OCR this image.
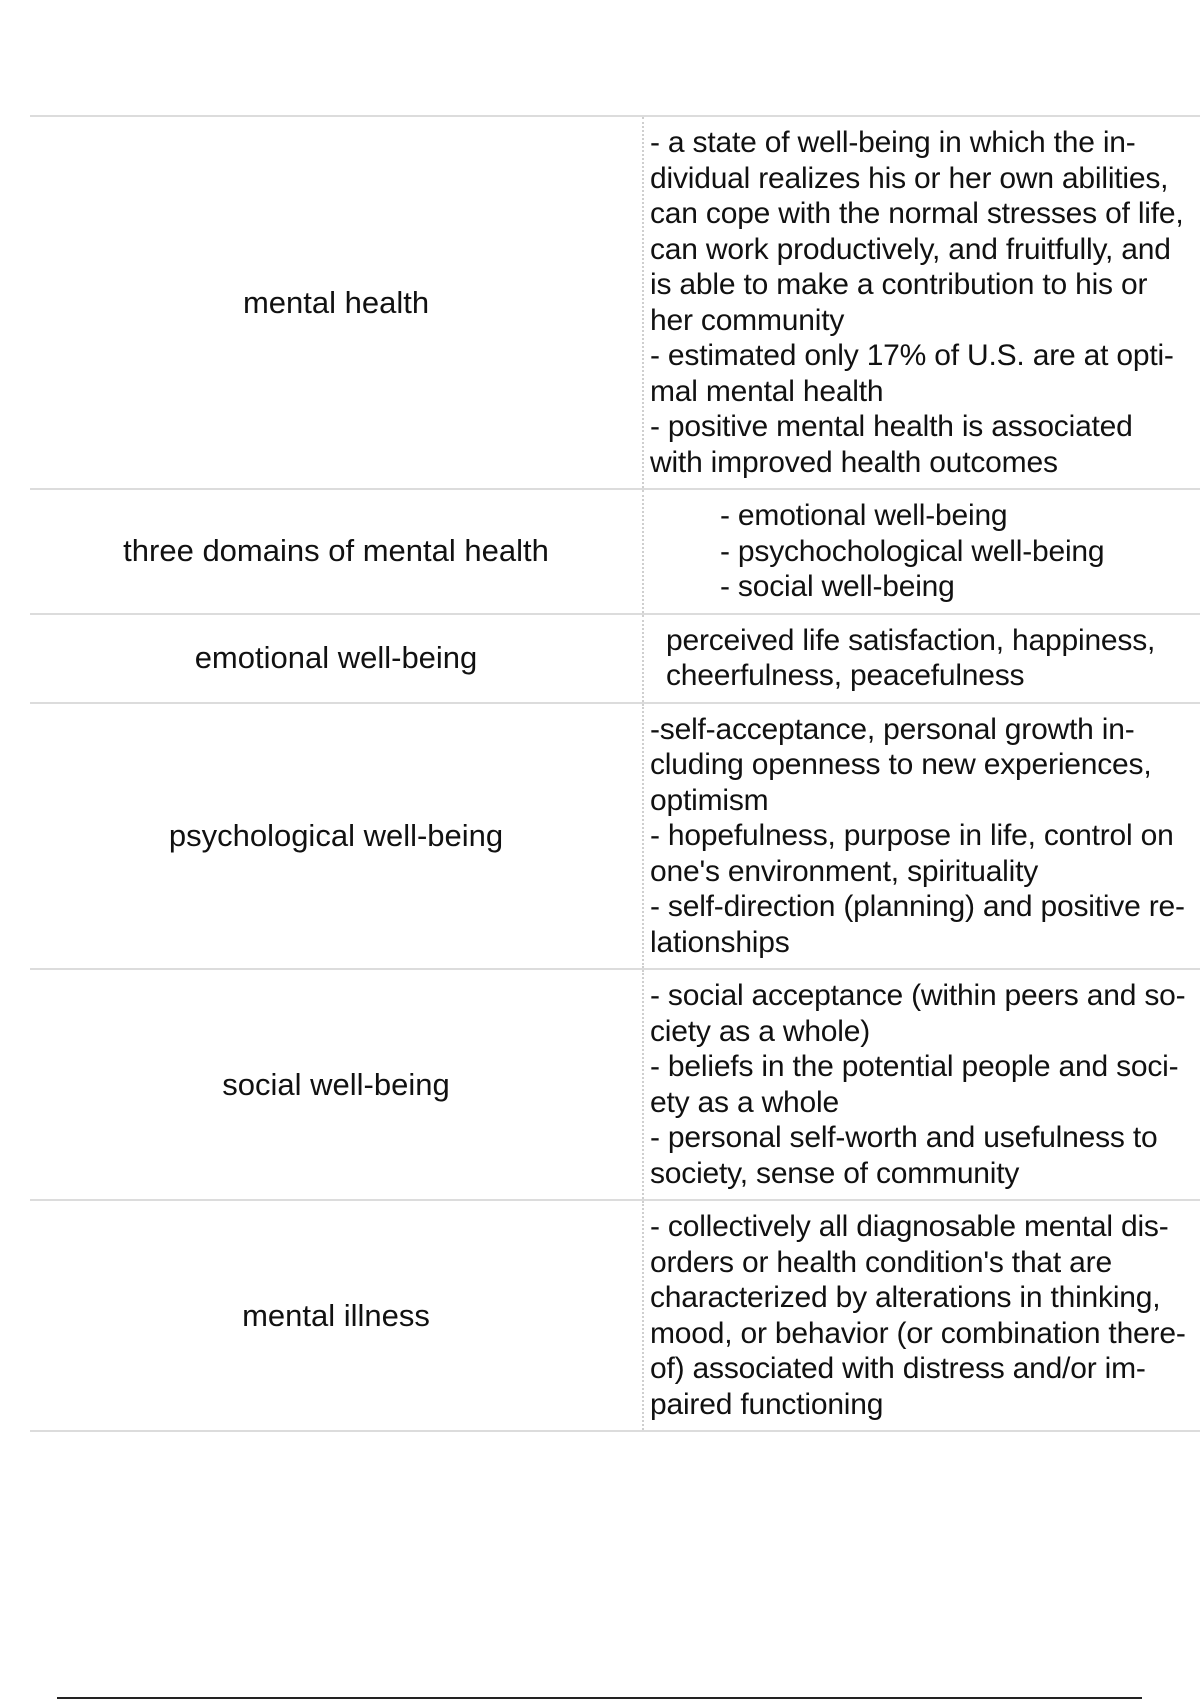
mental health
- a state of well-being in which the in-
dividual realizes his or her own abilities,
can cope with the normal stresses of life,
can work productively, and fruitfully, and
is able to make a contribution to his or
her community
- estimated only 17% of U.S. are at opti-
mal mental health
- positive mental health is associated
with improved health outcomes
three domains of mental health
- emotional well-being
- psychochological well-being
- social well-being
emotional well-being	perceived life satisfaction, happiness,
cheerfulness, peacefulness
psychological well-being
-self-acceptance, personal growth in-
cluding openness to new experiences,
optimism
- hopefulness, purpose in life, control on
one's environment, spirituality
- self-direction (planning) and positive re-
lationships
social well-being
- social acceptance (within peers and so-
ciety as a whole)
- beliefs in the potential people and soci-
ety as a whole
- personal self-worth and usefulness to
society, sense of community
mental illness
- collectively all diagnosable mental dis-
orders or health condition's that are
characterized by alterations in thinking,
mood, or behavior (or combination there-
of) associated with distress and/or im-
paired functioning
